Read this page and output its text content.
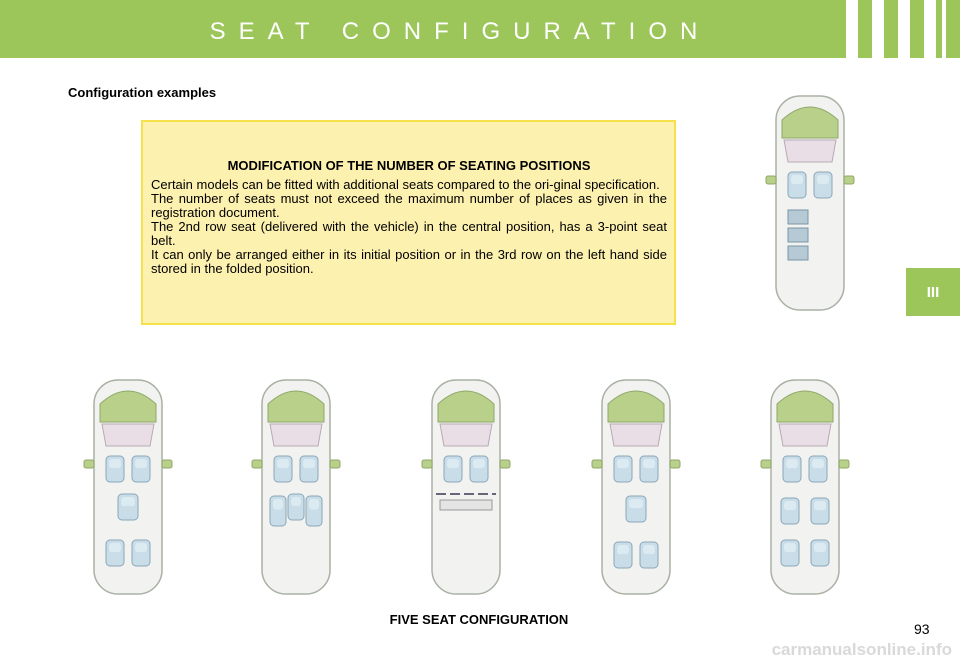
SEAT CONFIGURATION
Configuration examples
MODIFICATION OF THE NUMBER OF SEATING POSITIONS

Certain models can be fitted with additional seats compared to the ori-ginal specification.

The number of seats must not exceed the maximum number of places as given in the registration document.

The 2nd row seat (delivered with the vehicle) in the central position, has a 3-point seat belt.

It can only be arranged either in its initial position or in the 3rd row on the left hand side stored in the folded position.

III
FIVE SEAT CONFIGURATION
93
carmanualsonline.info
